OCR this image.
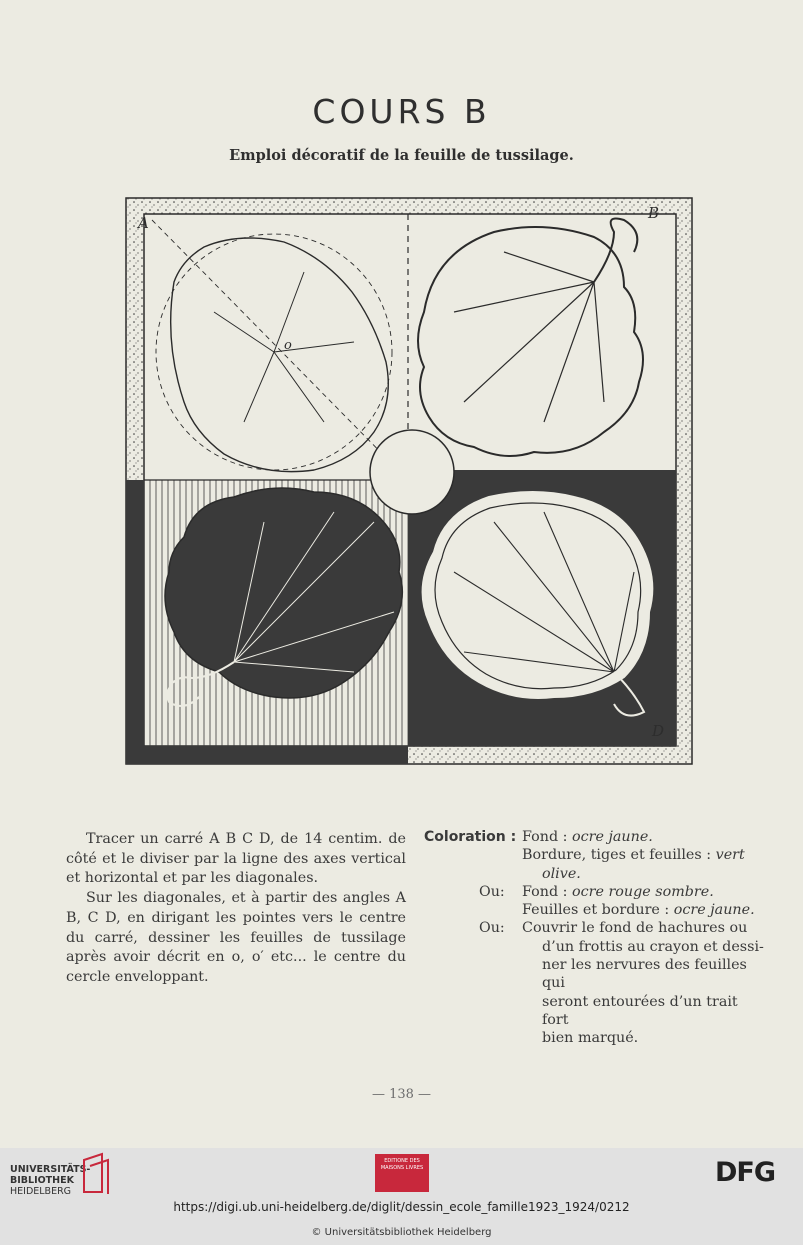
COURS B
Emploi décoratif de la feuille de tussilage.
A
B
D
o

Tracer un carré A B C D, de 14 centim. de côté et le diviser par la ligne des axes vertical et horizontal et par les diagonales.

Sur les diagonales, et à partir des angles A B, C D, en dirigant les pointes vers le centre du carré, dessiner les feuilles de tussilage après avoir décrit en o, o′ etc... le centre du cercle enveloppant.

Coloration : Fond : ocre jaune.
Bordure, tiges et feuilles : vert
olive.
Ou: Fond : ocre rouge sombre.
Feuilles et bordure : ocre jaune.
Ou: Couvrir le fond de hachures ou
d’un frottis au crayon et dessi-
ner les nervures des feuilles qui
seront entourées d’un trait fort
bien marqué.
— 138 —
UNIVERSITÄTS-
BIBLIOTHEK
HEIDELBERG
EDITIONE DES MAISONS LIVRES	DFG
https://digi.ub.uni-heidelberg.de/diglit/dessin_ecole_famille1923_1924/0212
© Universitätsbibliothek Heidelberg
